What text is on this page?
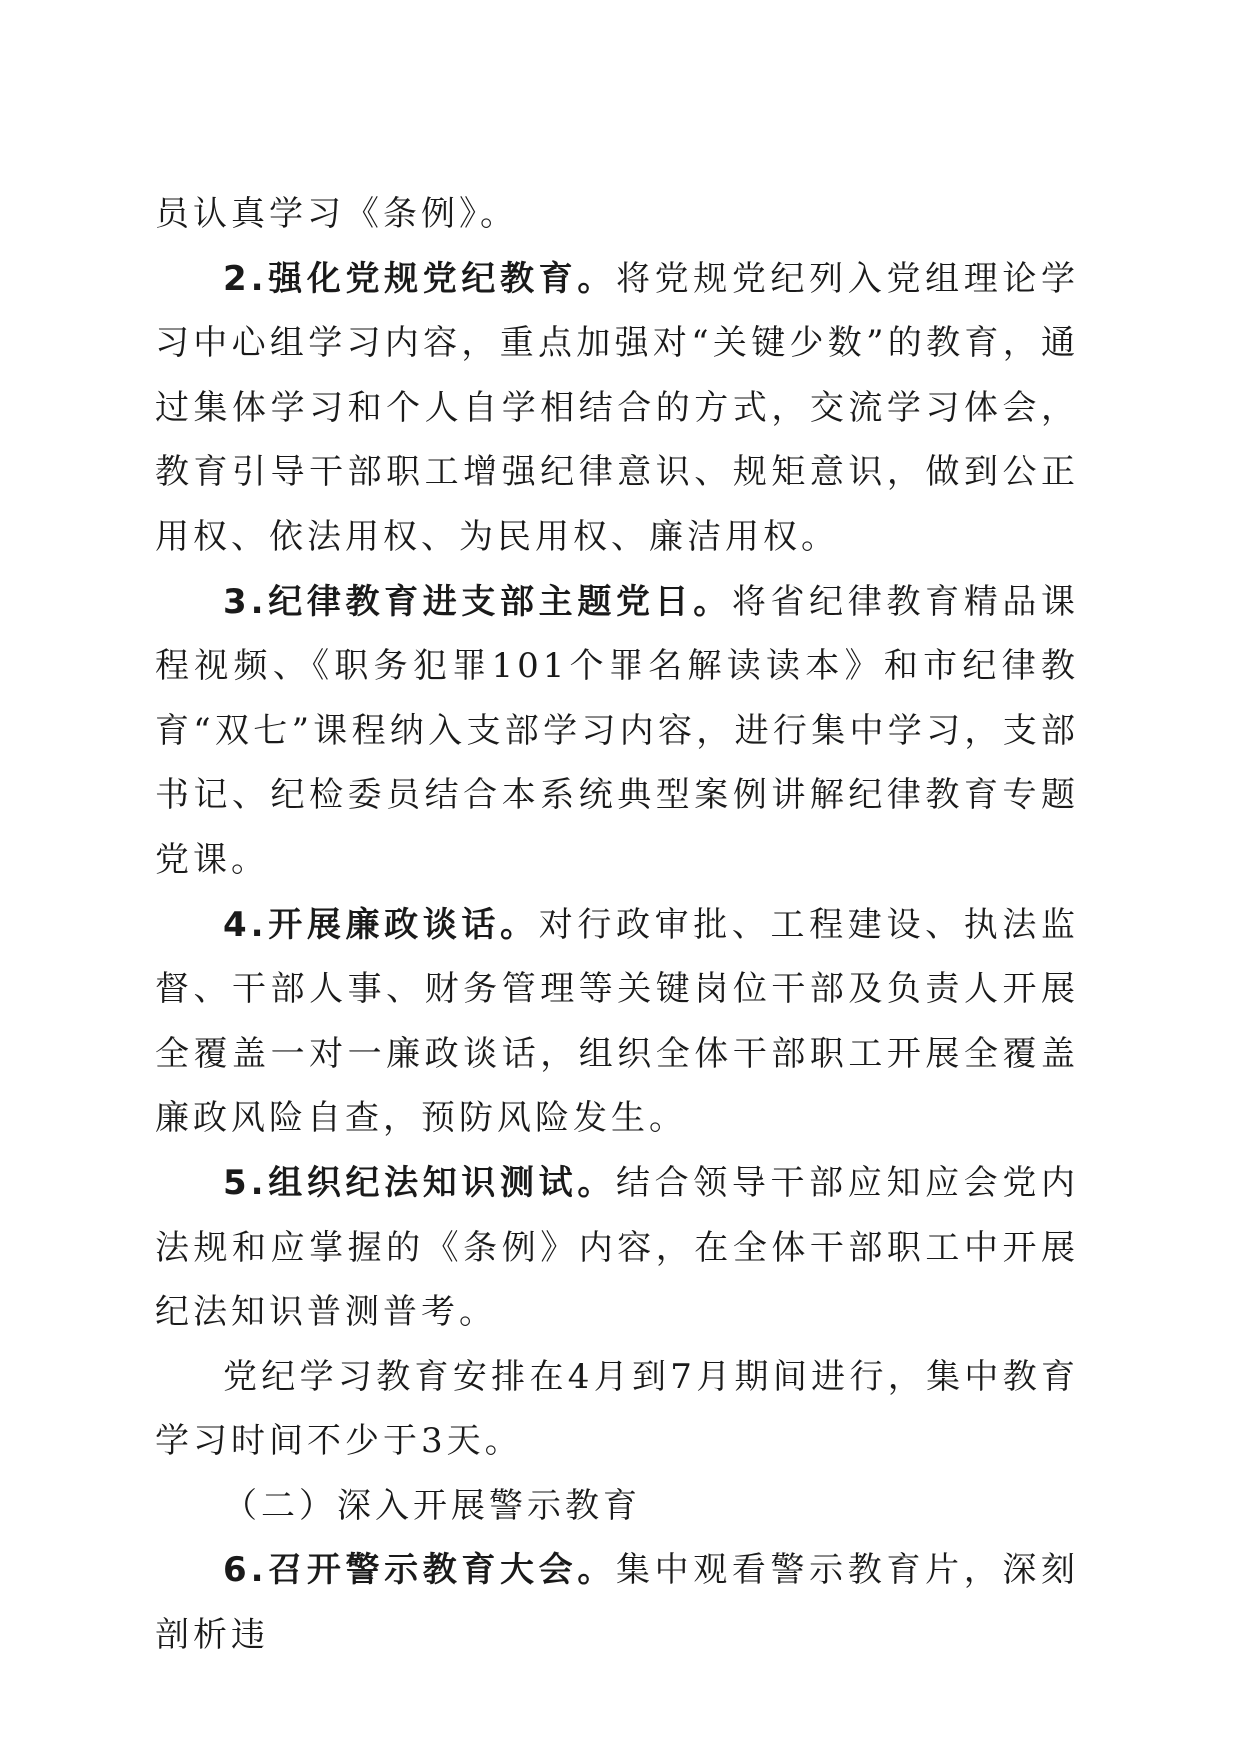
员认真学习《条例》。

2.强化党规党纪教育。将党规党纪列入党组理论学习中心组学习内容，重点加强对“关键少数”的教育，通过集体学习和个人自学相结合的方式，交流学习体会，教育引导干部职工增强纪律意识、规矩意识，做到公正用权、依法用权、为民用权、廉洁用权。

3.纪律教育进支部主题党日。将省纪律教育精品课程视频、《职务犯罪101个罪名解读读本》和市纪律教育“双七”课程纳入支部学习内容，进行集中学习，支部书记、纪检委员结合本系统典型案例讲解纪律教育专题党课。

4.开展廉政谈话。对行政审批、工程建设、执法监督、干部人事、财务管理等关键岗位干部及负责人开展全覆盖一对一廉政谈话，组织全体干部职工开展全覆盖廉政风险自查，预防风险发生。

5.组织纪法知识测试。结合领导干部应知应会党内法规和应掌握的《条例》内容，在全体干部职工中开展纪法知识普测普考。

党纪学习教育安排在4月到7月期间进行，集中教育学习时间不少于3天。

（二）深入开展警示教育

6.召开警示教育大会。集中观看警示教育片，深刻剖析违
